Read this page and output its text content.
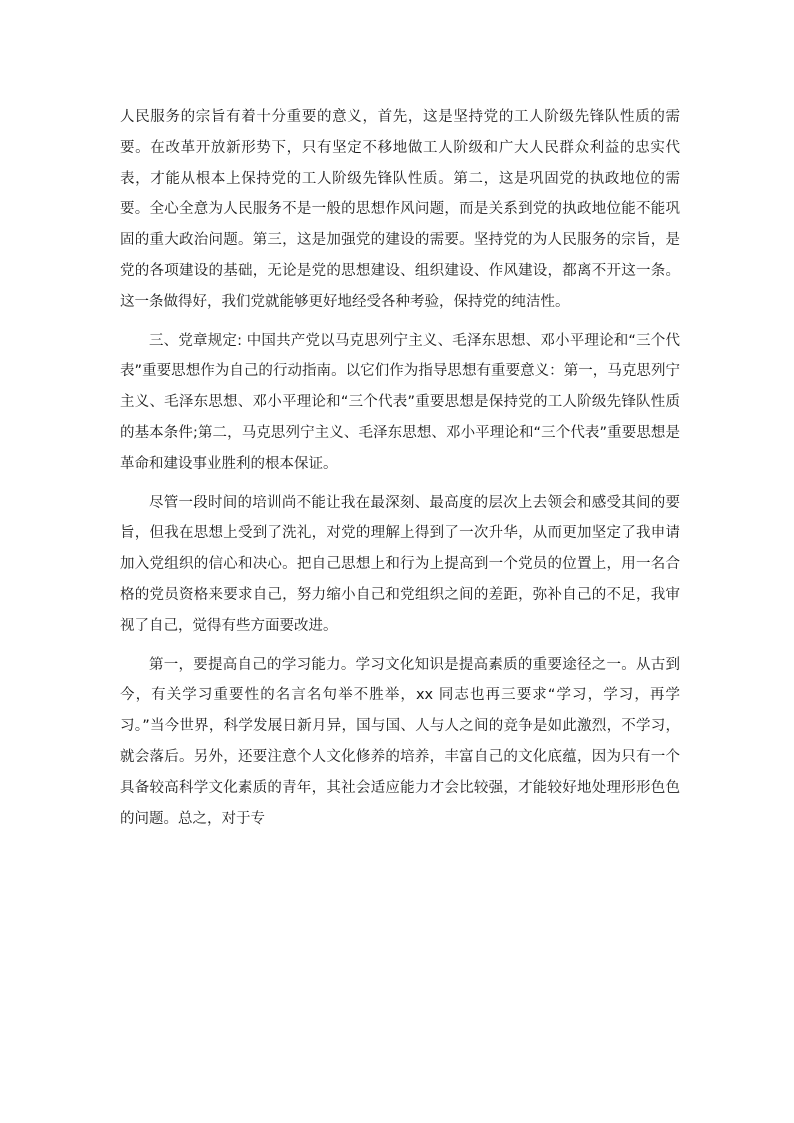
人民服务的宗旨有着十分重要的意义，首先，这是坚持党的工人阶级先锋队性质的需要。在改革开放新形势下，只有坚定不移地做工人阶级和广大人民群众利益的忠实代表，才能从根本上保持党的工人阶级先锋队性质。第二，这是巩固党的执政地位的需要。全心全意为人民服务不是一般的思想作风问题，而是关系到党的执政地位能不能巩固的重大政治问题。第三，这是加强党的建设的需要。坚持党的为人民服务的宗旨，是党的各项建设的基础，无论是党的思想建设、组织建设、作风建设，都离不开这一条。这一条做得好，我们党就能够更好地经受各种考验，保持党的纯洁性。

三、党章规定: 中国共产党以马克思列宁主义、毛泽东思想、邓小平理论和“三个代表”重要思想作为自己的行动指南。以它们作为指导思想有重要意义：第一，马克思列宁主义、毛泽东思想、邓小平理论和“三个代表”重要思想是保持党的工人阶级先锋队性质的基本条件;第二，马克思列宁主义、毛泽东思想、邓小平理论和“三个代表”重要思想是革命和建设事业胜利的根本保证。

尽管一段时间的培训尚不能让我在最深刻、最高度的层次上去领会和感受其间的要旨，但我在思想上受到了洗礼，对党的理解上得到了一次升华，从而更加坚定了我申请加入党组织的信心和决心。把自己思想上和行为上提高到一个党员的位置上，用一名合格的党员资格来要求自己，努力缩小自己和党组织之间的差距，弥补自己的不足，我审视了自己，觉得有些方面要改进。

第一，要提高自己的学习能力。学习文化知识是提高素质的重要途径之一。从古到今，有关学习重要性的名言名句举不胜举，xx 同志也再三要求“学习，学习，再学习。”当今世界，科学发展日新月异，国与国、人与人之间的竞争是如此激烈，不学习，就会落后。另外，还要注意个人文化修养的培养，丰富自己的文化底蕴，因为只有一个具备较高科学文化素质的青年，其社会适应能力才会比较强，才能较好地处理形形色色的问题。总之，对于专
